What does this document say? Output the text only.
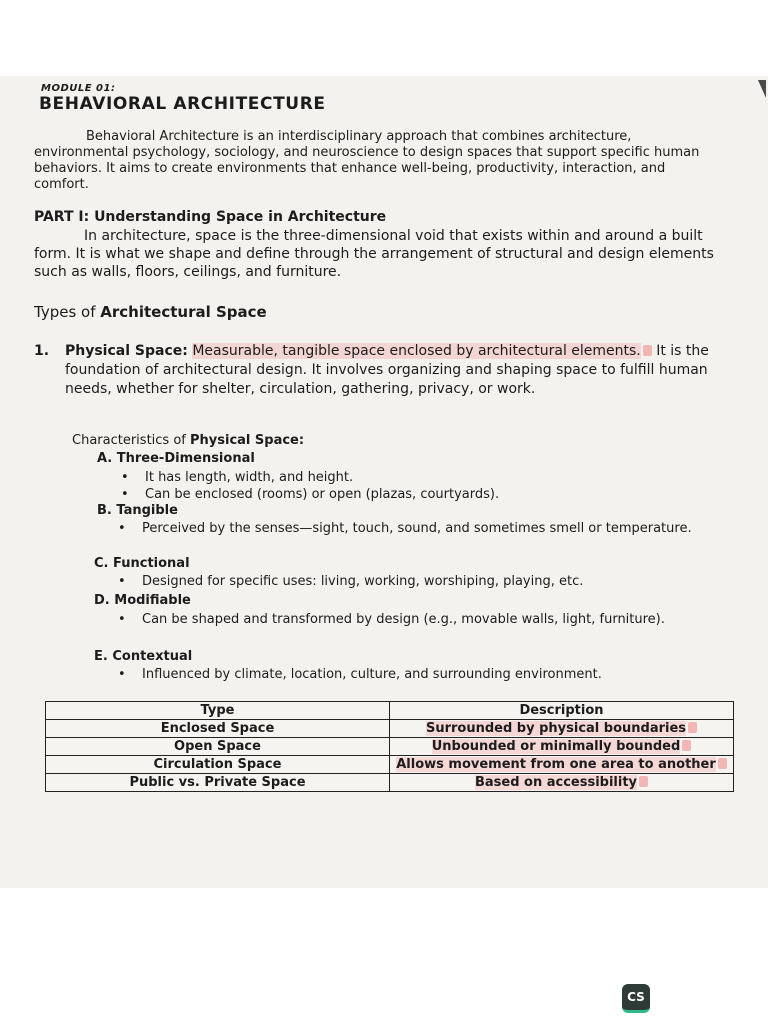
MODULE 01:
BEHAVIORAL ARCHITECTURE

Behavioral Architecture is an interdisciplinary approach that combines architecture, environmental psychology, sociology, and neuroscience to design spaces that support specific human behaviors. It aims to create environments that enhance well-being, productivity, interaction, and comfort.

PART I: Understanding Space in Architecture

In architecture, space is the three-dimensional void that exists within and around a built form. It is what we shape and define through the arrangement of structural and design elements such as walls, floors, ceilings, and furniture.

Types of Architectural Space
1. Physical Space: Measurable, tangible space enclosed by architectural elements. It is the foundation of architectural design. It involves organizing and shaping space to fulfill human needs, whether for shelter, circulation, gathering, privacy, or work.
Characteristics of Physical Space:
A. Three-Dimensional
• It has length, width, and height.
• Can be enclosed (rooms) or open (plazas, courtyards).
B. Tangible
• Perceived by the senses—sight, touch, sound, and sometimes smell or temperature.
C. Functional
• Designed for specific uses: living, working, worshiping, playing, etc.
D. Modifiable
• Can be shaped and transformed by design (e.g., movable walls, light, furniture).
E. Contextual
• Influenced by climate, location, culture, and surrounding environment.
Type	Description
Enclosed Space	Surrounded by physical boundaries
Open Space	Unbounded or minimally bounded
Circulation Space	Allows movement from one area to another
Public vs. Private Space	Based on accessibility
CS
